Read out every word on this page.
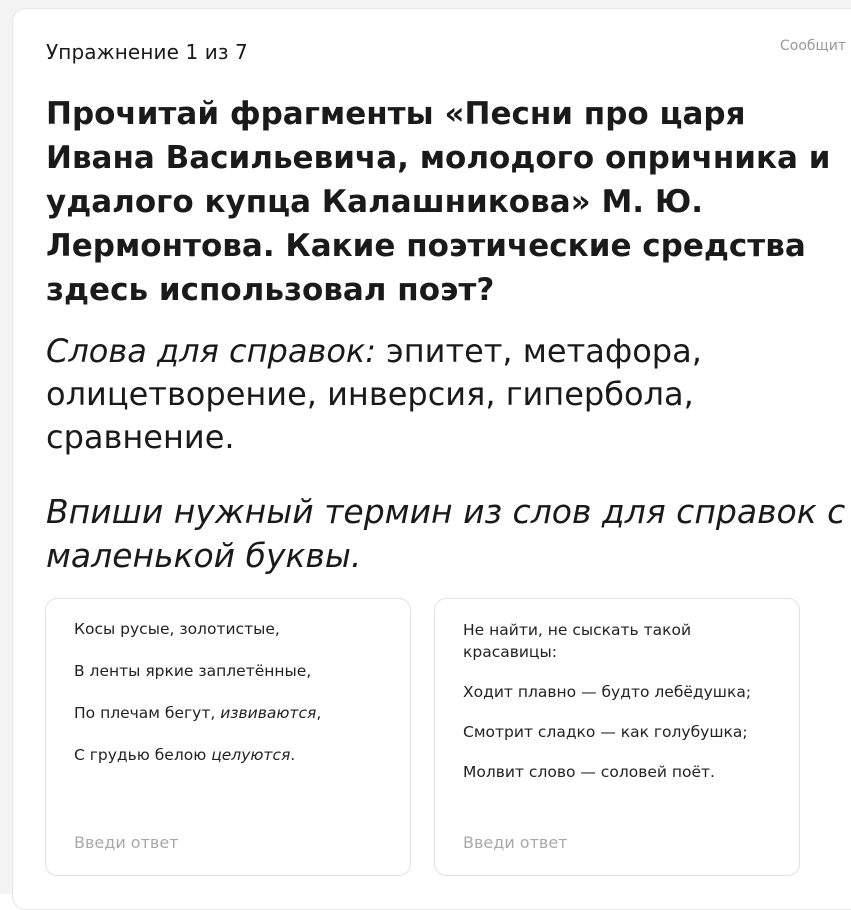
Упражнение 1 из 7	Сообщит
Прочитай фрагменты «Песни про царя Ивана Васильевича, молодого опричника и удалого купца Калашникова» М. Ю. Лермонтова. Какие поэтические средства здесь использовал поэт?

Слова для справок: эпитет, метафора, олицетворение, инверсия, гипербола, сравнение.

Впиши нужный термин из слов для справок с маленькой буквы.

Косы русые, золотистые,

В ленты яркие заплетённые,

По плечам бегут, извиваются,

С грудью белою целуются.

Введи ответ

Не найти, не сыскать такой красавицы:

Ходит плавно — будто лебёдушка;

Смотрит сладко — как голубушка;

Молвит слово — соловей поёт.

Введи ответ
